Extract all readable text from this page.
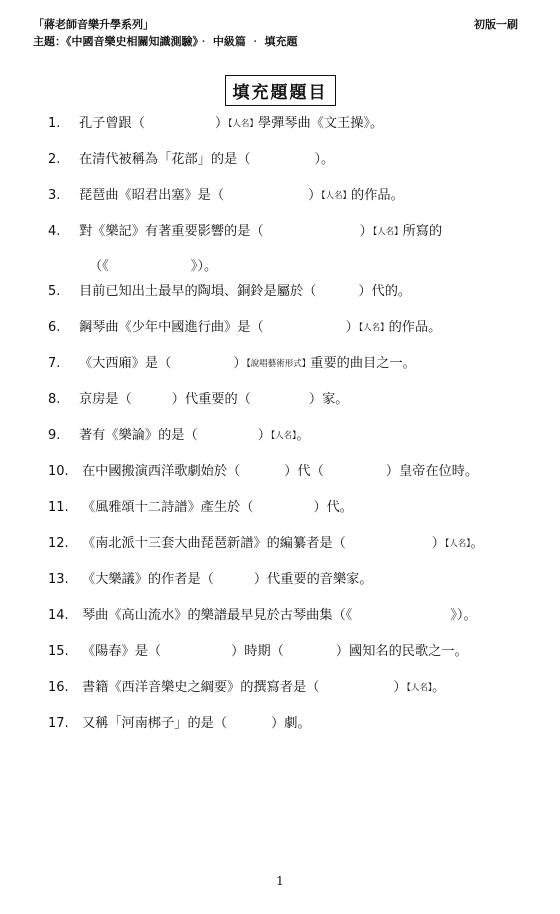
「蔣老師音樂升學系列」
主題：《中國音樂史相關知識測驗》‧ 中級篇 ‧ 填充題
初版一刷
填充題題目
1.	孔子曾跟（	）【人名】學彈琴曲《文王操》。
2.	在清代被稱為「花部」的是（	）。
3.	琵琶曲《昭君出塞》是（	）【人名】的作品。
4.	對《樂記》有著重要影響的是（	）【人名】所寫的
（《	》）。
5.	目前已知出土最早的陶塤、銅鈴是屬於（	）代的。
6.	鋼琴曲《少年中國進行曲》是（	）【人名】的作品。
7.	《大西廂》是（	）【說唱藝術形式】重要的曲目之一。
8.	京房是（	）代重要的（	）家。
9.	著有《樂論》的是（	）【人名】。
10.	在中國搬演西洋歌劇始於（	）代（	）皇帝在位時。
11.	《風雅頌十二詩譜》產生於（	）代。
12.	《南北派十三套大曲琵琶新譜》的編纂者是（	）【人名】。
13.	《大樂議》的作者是（	）代重要的音樂家。
14.	琴曲《高山流水》的樂譜最早見於古琴曲集（《	》）。
15.	《陽春》是（	）時期（	）國知名的民歌之一。
16.	書籍《西洋音樂史之綱要》的撰寫者是（	）【人名】。
17.	又稱「河南梆子」的是（	）劇。
1
